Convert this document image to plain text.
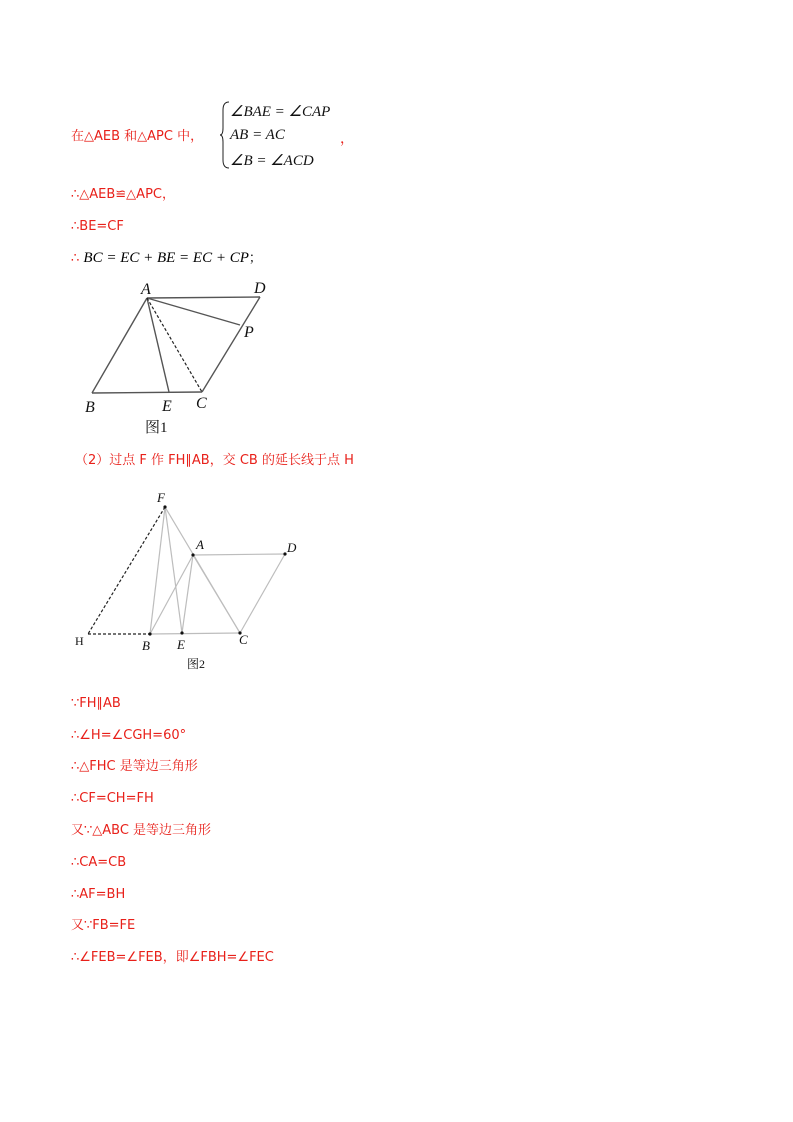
在△AEB 和△APC 中，
∠BAE = ∠CAP
AB = AC
∠B = ∠ACD
，
∴△AEB≌△APC，
∴BE=CF
∴ BC = EC + BE = EC + CP；
A	D
P
B	E C
图1
（2）过点 F 作 FH∥AB，交 CB 的延长线于点 H
F
A	D
B E	C
H
图2
∵FH∥AB
∴∠H=∠CGH=60°
∴△FHC 是等边三角形
∴CF=CH=FH
又∵△ABC 是等边三角形
∴CA=CB
∴AF=BH
又∵FB=FE
∴∠FEB=∠FEB，即∠FBH=∠FEC
